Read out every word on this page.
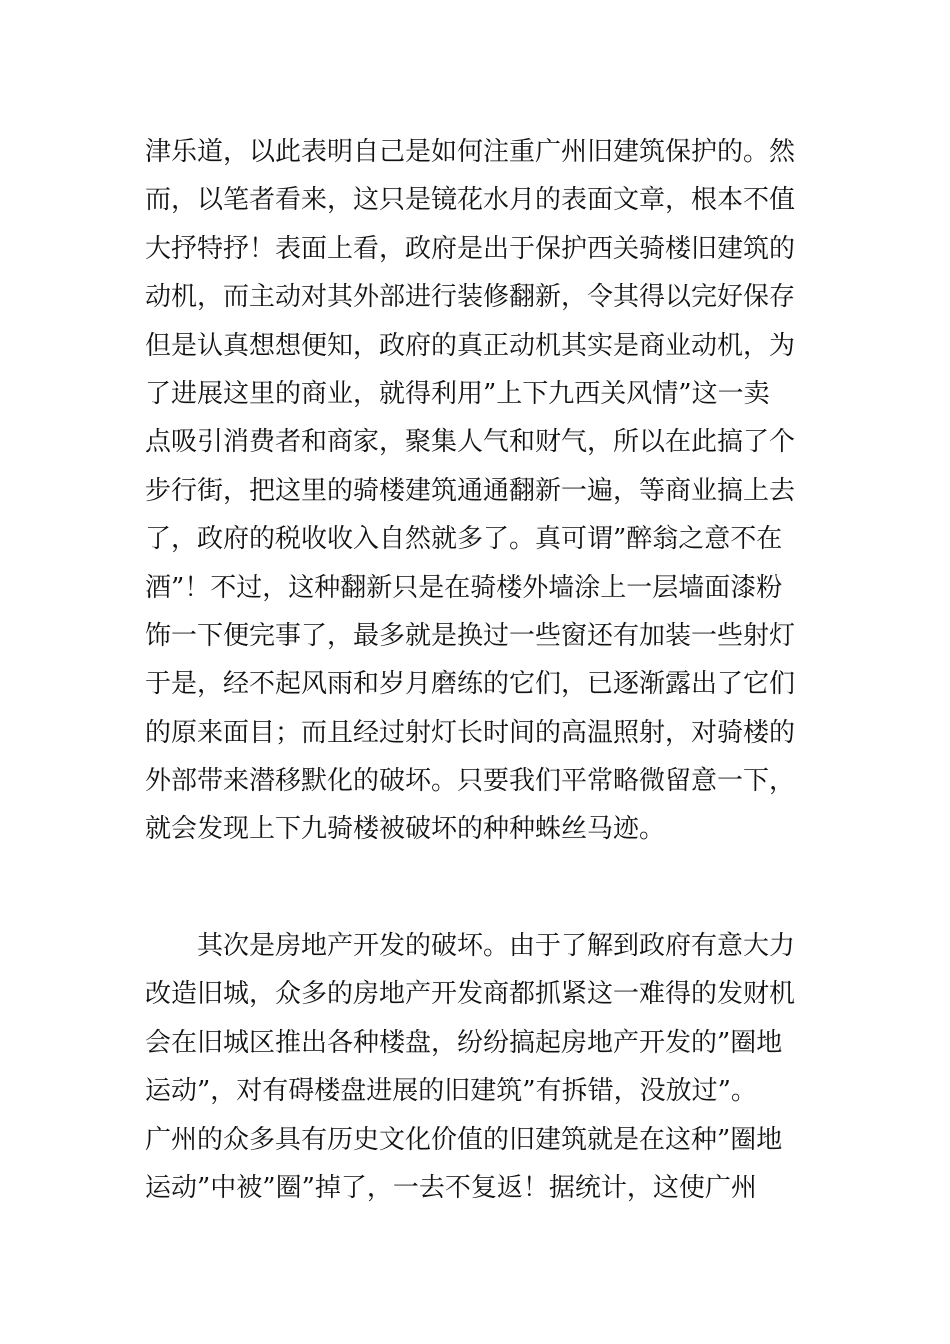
津乐道，以此表明自己是如何注重广州旧建筑保护的。然
而，以笔者看来，这只是镜花水月的表面文章，根本不值
大抒特抒！表面上看，政府是出于保护西关骑楼旧建筑的
动机，而主动对其外部进行装修翻新，令其得以完好保存
但是认真想想便知，政府的真正动机其实是商业动机，为
了进展这里的商业，就得利用”上下九西关风情”这一卖
点吸引消费者和商家，聚集人气和财气，所以在此搞了个
步行街，把这里的骑楼建筑通通翻新一遍，等商业搞上去
了，政府的税收收入自然就多了。真可谓”醉翁之意不在
酒”！不过，这种翻新只是在骑楼外墙涂上一层墙面漆粉
饰一下便完事了，最多就是换过一些窗还有加装一些射灯
于是，经不起风雨和岁月磨练的它们，已逐渐露出了它们
的原来面目；而且经过射灯长时间的高温照射，对骑楼的
外部带来潜移默化的破坏。只要我们平常略微留意一下，
就会发现上下九骑楼被破坏的种种蛛丝马迹。
　　其次是房地产开发的破坏。由于了解到政府有意大力
改造旧城，众多的房地产开发商都抓紧这一难得的发财机
会在旧城区推出各种楼盘，纷纷搞起房地产开发的”圈地
运动”，对有碍楼盘进展的旧建筑”有拆错，没放过”。
广州的众多具有历史文化价值的旧建筑就是在这种”圈地
运动”中被”圈”掉了，一去不复返！据统计，这使广州
